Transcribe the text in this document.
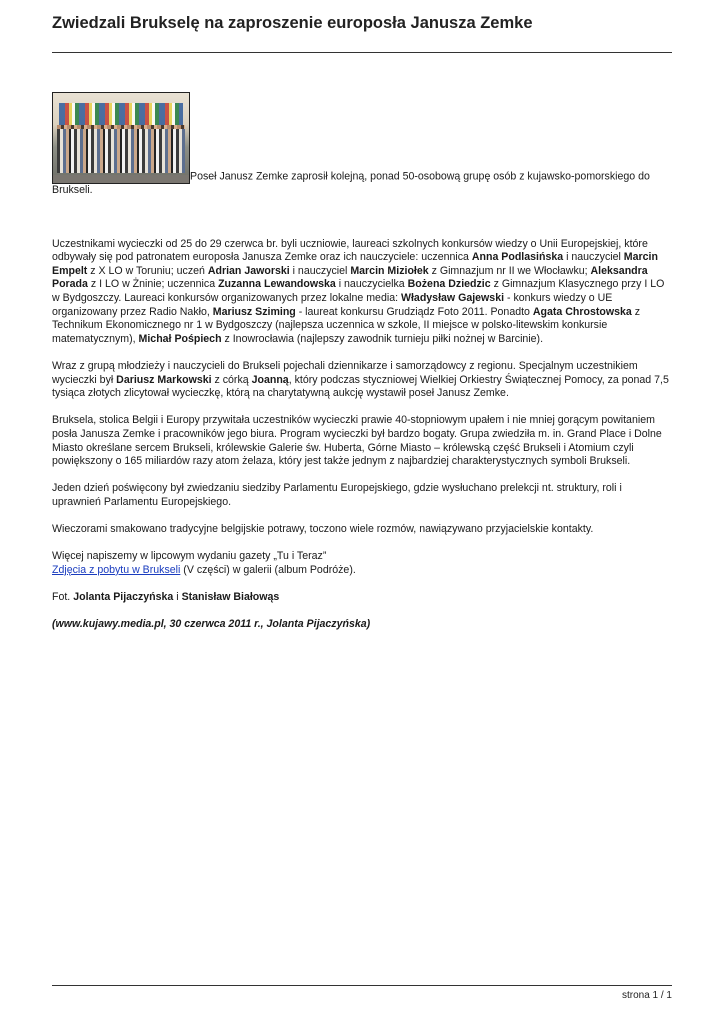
Zwiedzali Brukselę na zaproszenie europosła Janusza Zemke

Poseł Janusz Zemke zaprosił kolejną, ponad 50-osobową grupę osób z kujawsko-pomorskiego do Brukseli.

Uczestnikami wycieczki od 25 do 29 czerwca br. byli uczniowie, laureaci szkolnych konkursów wiedzy o Unii Europejskiej, które odbywały się pod patronatem europosła Janusza Zemke oraz ich nauczyciele: uczennica Anna Podlasińska i nauczyciel Marcin Empelt z X LO w Toruniu; uczeń Adrian Jaworski i nauczyciel Marcin Miziołek z Gimnazjum nr II we Włocławku; Aleksandra Porada z I LO w Żninie; uczennica Zuzanna Lewandowska i nauczycielka Bożena Dziedzic z Gimnazjum Klasycznego przy I LO w Bydgoszczy. Laureaci konkursów organizowanych przez lokalne media: Władysław Gajewski - konkurs wiedzy o UE organizowany przez Radio Nakło, Mariusz Sziming - laureat konkursu Grudziądz Foto 2011. Ponadto Agata Chrostowska z Technikum Ekonomicznego nr 1 w Bydgoszczy (najlepsza uczennica w szkole, II miejsce w polsko-litewskim konkursie matematycznym), Michał Pośpiech z Inowrocławia (najlepszy zawodnik turnieju piłki nożnej w Barcinie).

Wraz z grupą młodzieży i nauczycieli do Brukseli pojechali dziennikarze i samorządowcy z regionu. Specjalnym uczestnikiem wycieczki był Dariusz Markowski z córką Joanną, który podczas styczniowej Wielkiej Orkiestry Świątecznej Pomocy, za ponad 7,5 tysiąca złotych zlicytował wycieczkę, którą na charytatywną aukcję wystawił poseł Janusz Zemke.

Bruksela, stolica Belgii i Europy przywitała uczestników wycieczki prawie 40-stopniowym upałem i nie mniej gorącym powitaniem posła Janusza Zemke i pracowników jego biura. Program wycieczki był bardzo bogaty. Grupa zwiedziła m. in. Grand Place i Dolne Miasto określane sercem Brukseli, królewskie Galerie św. Huberta, Górne Miasto – królewską część Brukseli i Atomium czyli powiększony o 165 miliardów razy atom żelaza, który jest także jednym z najbardziej charakterystycznych symboli Brukseli.

Jeden dzień poświęcony był zwiedzaniu siedziby Parlamentu Europejskiego, gdzie wysłuchano prelekcji nt. struktury, roli i uprawnień Parlamentu Europejskiego.

Wieczorami smakowano tradycyjne belgijskie potrawy, toczono wiele rozmów, nawiązywano przyjacielskie kontakty.

Więcej napiszemy w lipcowym wydaniu gazety „Tu i Teraz”
Zdjęcia z pobytu w Brukseli (V części) w galerii (album Podróże).

Fot. Jolanta Pijaczyńska i Stanisław Białowąs

(www.kujawy.media.pl, 30 czerwca 2011 r., Jolanta Pijaczyńska)

strona 1 / 1
